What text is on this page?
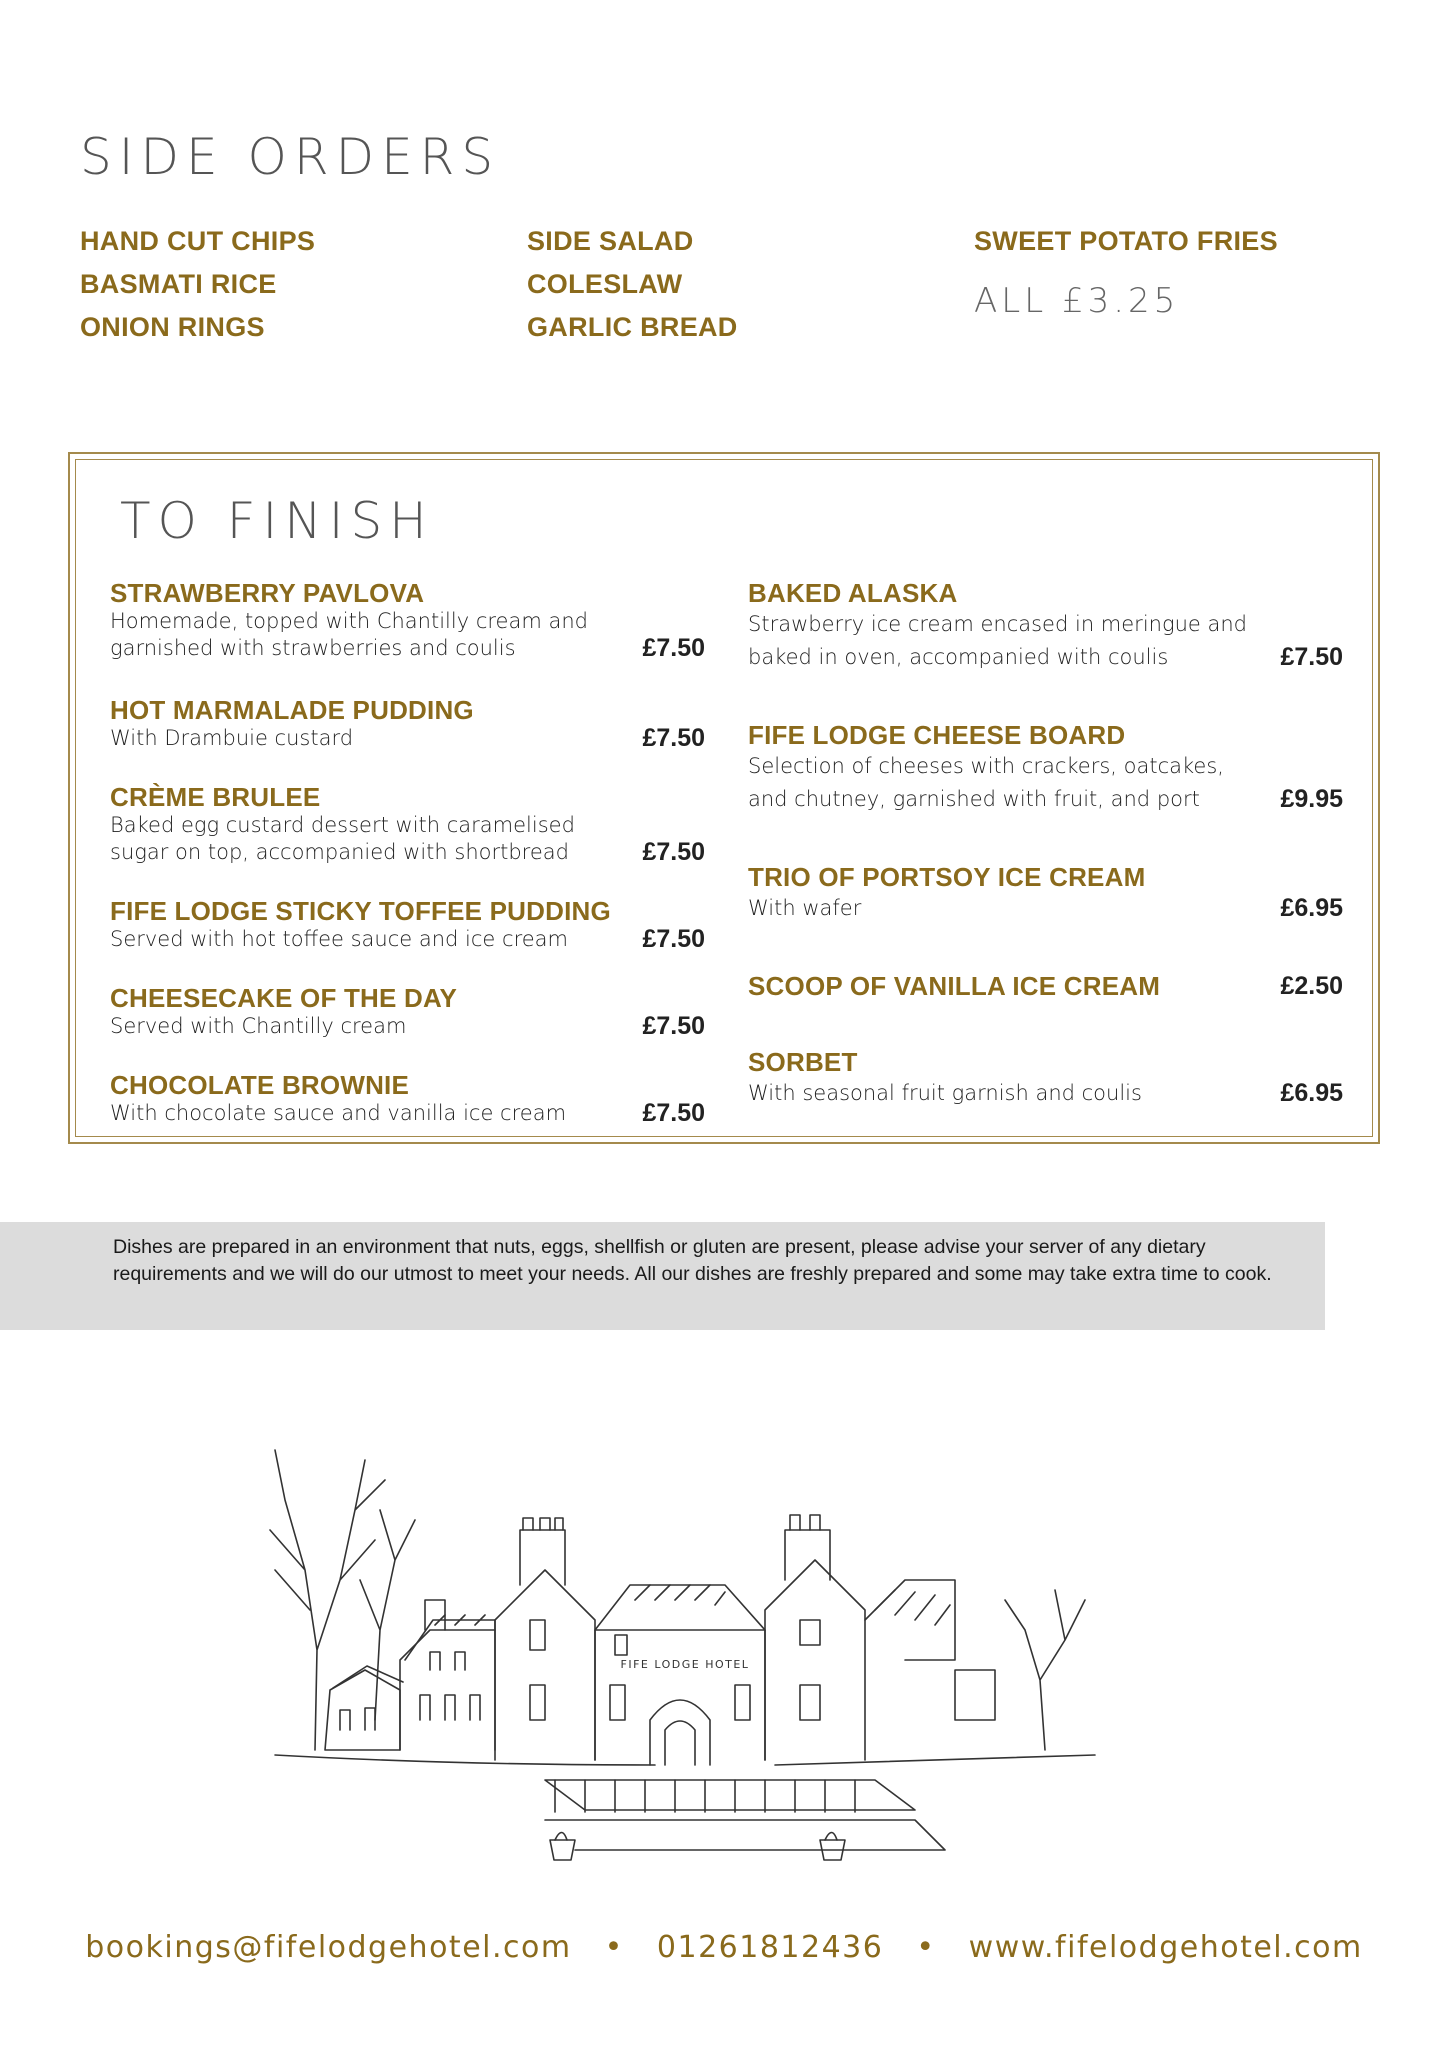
SIDE ORDERS
HAND CUT CHIPS
BASMATI RICE
ONION RINGS
SIDE SALAD
COLESLAW
GARLIC BREAD
SWEET POTATO FRIES
ALL £3.25
TO FINISH
STRAWBERRY PAVLOVA
Homemade, topped with Chantilly cream and garnished with strawberries and coulis	£7.50
HOT MARMALADE PUDDING
With Drambuie custard	£7.50
CRÈME BRULEE
Baked egg custard dessert with caramelised sugar on top, accompanied with shortbread	£7.50
FIFE LODGE STICKY TOFFEE PUDDING
Served with hot toffee sauce and ice cream	£7.50
CHEESECAKE OF THE DAY
Served with Chantilly cream	£7.50
CHOCOLATE BROWNIE
With chocolate sauce and vanilla ice cream	£7.50
BAKED ALASKA
Strawberry ice cream encased in meringue and baked in oven, accompanied with coulis	£7.50
FIFE LODGE CHEESE BOARD
Selection of cheeses with crackers, oatcakes, and chutney, garnished with fruit, and port	£9.95
TRIO OF PORTSOY ICE CREAM
With wafer	£6.95
SCOOP OF VANILLA ICE CREAM	£2.50
SORBET
With seasonal fruit garnish and coulis	£6.95

Dishes are prepared in an environment that nuts, eggs, shellfish or gluten are present, please advise your server of any dietary requirements and we will do our utmost to meet your needs. All our dishes are freshly prepared and some may take extra time to cook.

FIFE LODGE HOTEL
bookings@fifelodgehotel.com • 01261812436 • www.fifelodgehotel.com
